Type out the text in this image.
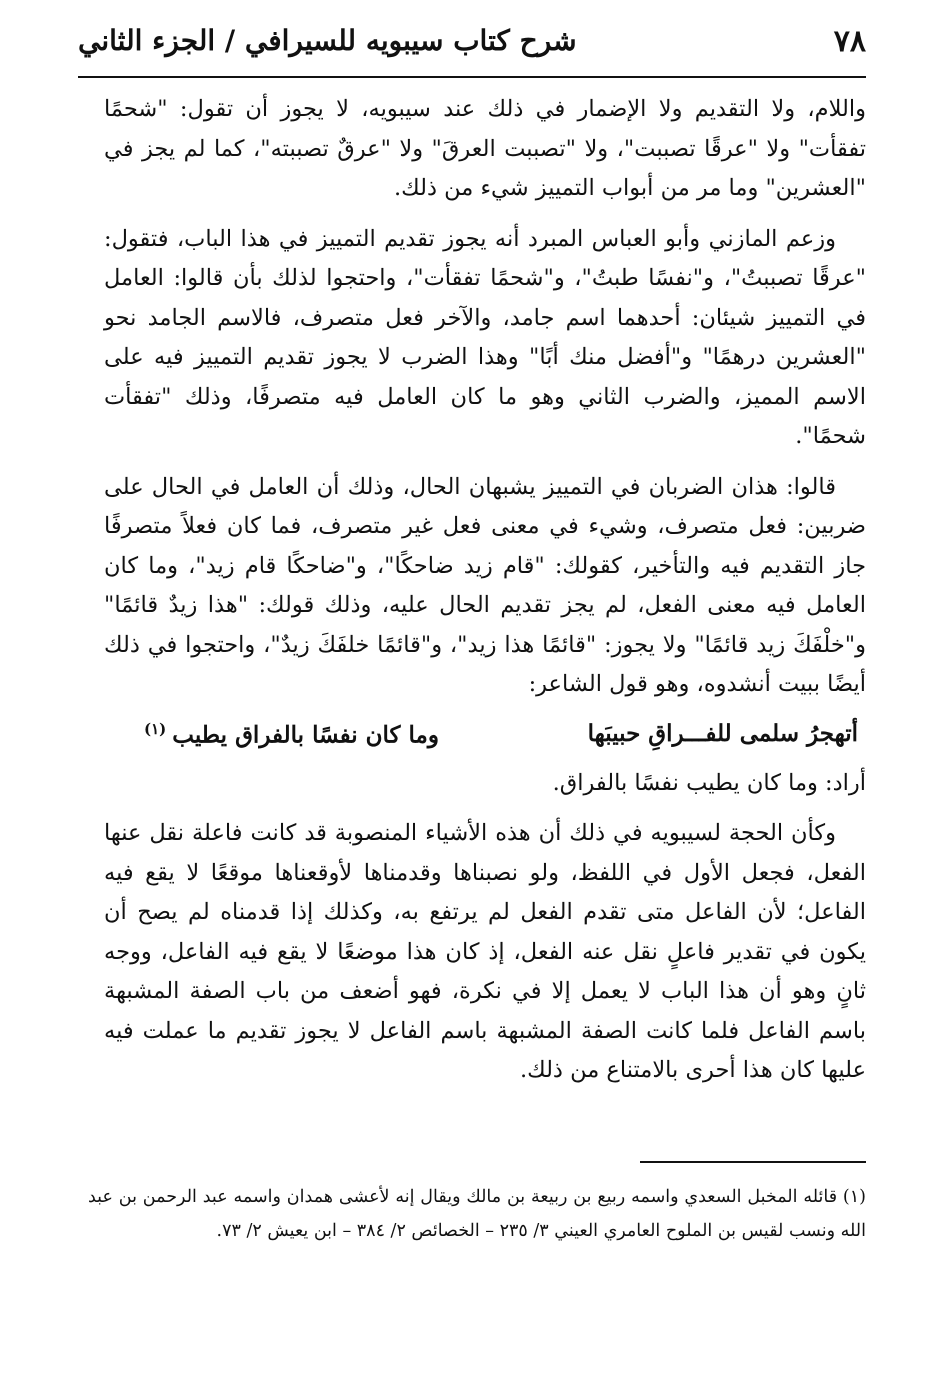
٧٨
شرح كتاب سيبويه للسيرافي / الجزء الثاني

واللام، ولا التقديم ولا الإضمار في ذلك عند سيبويه، لا يجوز أن تقول: "شحمًا تفقأت" ولا "عرقًا تصببت"، ولا "تصببت العرقَ" ولا "عرقٌ تصببته"، كما لم يجز في "العشرين" وما مر من أبواب التمييز شيء من ذلك.

وزعم المازني وأبو العباس المبرد أنه يجوز تقديم التمييز في هذا الباب، فتقول: "عرقًا تصببتُ"، و"نفسًا طبتُ"، و"شحمًا تفقأت"، واحتجوا لذلك بأن قالوا: العامل في التمييز شيئان: أحدهما اسم جامد، والآخر فعل متصرف، فالاسم الجامد نحو "العشرين درهمًا" و"أفضل منك أبًا" وهذا الضرب لا يجوز تقديم التمييز فيه على الاسم المميز، والضرب الثاني وهو ما كان العامل فيه متصرفًا، وذلك "تفقأت شحمًا".

قالوا: هذان الضربان في التمييز يشبهان الحال، وذلك أن العامل في الحال على ضربين: فعل متصرف، وشيء في معنى فعل غير متصرف، فما كان فعلاً متصرفًا جاز التقديم فيه والتأخير، كقولك: "قام زيد ضاحكًا"، و"ضاحكًا قام زيد"، وما كان العامل فيه معنى الفعل، لم يجز تقديم الحال عليه، وذلك قولك: "هذا زيدٌ قائمًا" و"خلْفَكَ زيد قائمًا" ولا يجوز: "قائمًا هذا زيد"، و"قائمًا خلفَكَ زيدٌ"، واحتجوا في ذلك أيضًا ببيت أنشدوه، وهو قول الشاعر:

أتهجرُ سلمى للفـــراقِ حبيبَها
وما كان نفسًا بالفراق يطيب$^{(١)}$

أراد: وما كان يطيب نفسًا بالفراق.

وكأن الحجة لسيبويه في ذلك أن هذه الأشياء المنصوبة قد كانت فاعلة نقل عنها الفعل، فجعل الأول في اللفظ، ولو نصبناها وقدمناها لأوقعناها موقعًا لا يقع فيه الفاعل؛ لأن الفاعل متى تقدم الفعل لم يرتفع به، وكذلك إذا قدمناه لم يصح أن يكون في تقدير فاعلٍ نقل عنه الفعل، إذ كان هذا موضعًا لا يقع فيه الفاعل، ووجه ثانٍ وهو أن هذا الباب لا يعمل إلا في نكرة، فهو أضعف من باب الصفة المشبهة باسم الفاعل فلما كانت الصفة المشبهة باسم الفاعل لا يجوز تقديم ما عملت فيه عليها كان هذا أحرى بالامتناع من ذلك.

(١) قائله المخبل السعدي واسمه ربيع بن ربيعة بن مالك ويقال إنه لأعشى همدان واسمه عبد الرحمن بن عبد الله ونسب لقيس بن الملوح العامري العيني ٣/ ٢٣٥ – الخصائص ٢/ ٣٨٤ – ابن يعيش ٢/ ٧٣.
